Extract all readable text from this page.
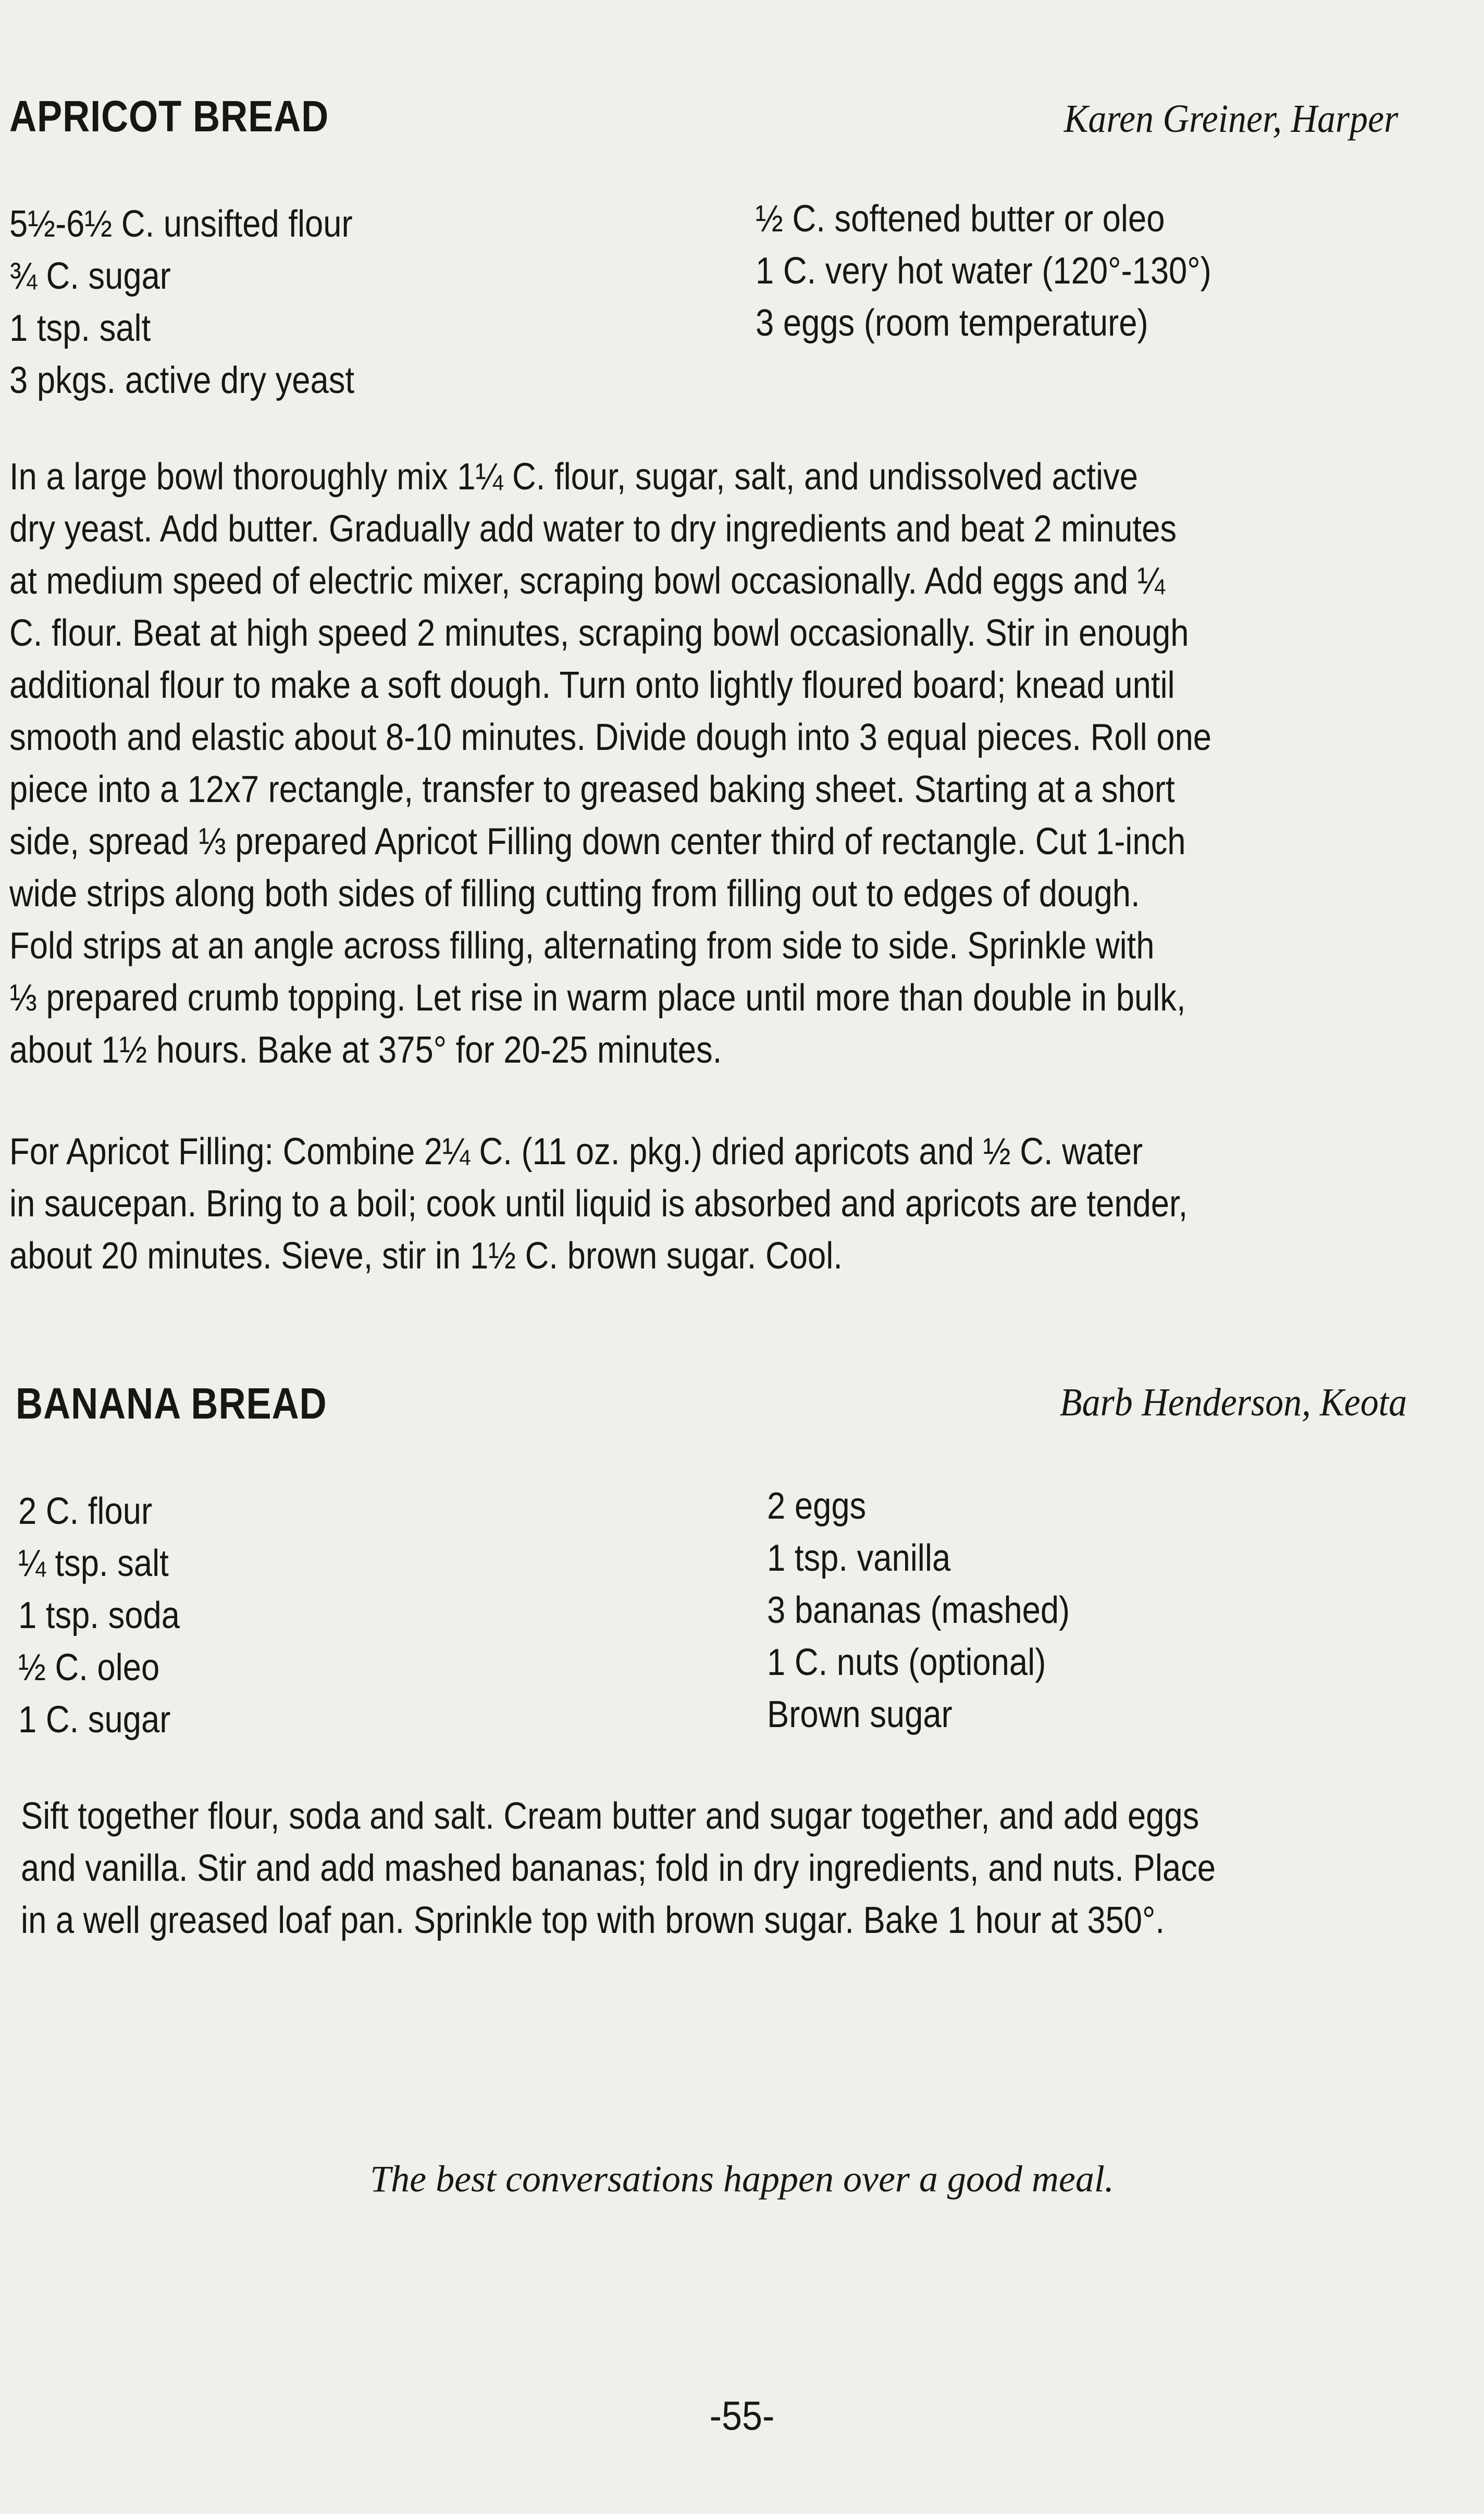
APRICOT BREAD	Karen Greiner, Harper

5½-6½ C. unsifted flour
¾ C. sugar
1 tsp. salt
3 pkgs. active dry yeast
½ C. softened butter or oleo
1 C. very hot water (120°-130°)
3 eggs (room temperature)
In a large bowl thoroughly mix 1¼ C. flour, sugar, salt, and undissolved active
dry yeast. Add butter. Gradually add water to dry ingredients and beat 2 minutes
at medium speed of electric mixer, scraping bowl occasionally. Add eggs and ¼
C. flour. Beat at high speed 2 minutes, scraping bowl occasionally. Stir in enough
additional flour to make a soft dough. Turn onto lightly floured board; knead until
smooth and elastic about 8-10 minutes. Divide dough into 3 equal pieces. Roll one
piece into a 12x7 rectangle, transfer to greased baking sheet. Starting at a short
side, spread ⅓ prepared Apricot Filling down center third of rectangle. Cut 1-inch
wide strips along both sides of filling cutting from filling out to edges of dough.
Fold strips at an angle across filling, alternating from side to side. Sprinkle with
⅓ prepared crumb topping. Let rise in warm place until more than double in bulk,
about 1½ hours. Bake at 375° for 20-25 minutes.
For Apricot Filling: Combine 2¼ C. (11 oz. pkg.) dried apricots and ½ C. water
in saucepan. Bring to a boil; cook until liquid is absorbed and apricots are tender,
about 20 minutes. Sieve, stir in 1½ C. brown sugar. Cool.
BANANA BREAD	Barb Henderson, Keota

2 C. flour
¼ tsp. salt
1 tsp. soda
½ C. oleo
1 C. sugar
2 eggs
1 tsp. vanilla
3 bananas (mashed)
1 C. nuts (optional)
Brown sugar
Sift together flour, soda and salt. Cream butter and sugar together, and add eggs
and vanilla. Stir and add mashed bananas; fold in dry ingredients, and nuts. Place
in a well greased loaf pan. Sprinkle top with brown sugar. Bake 1 hour at 350°.

The best conversations happen over a good meal.

-55-
